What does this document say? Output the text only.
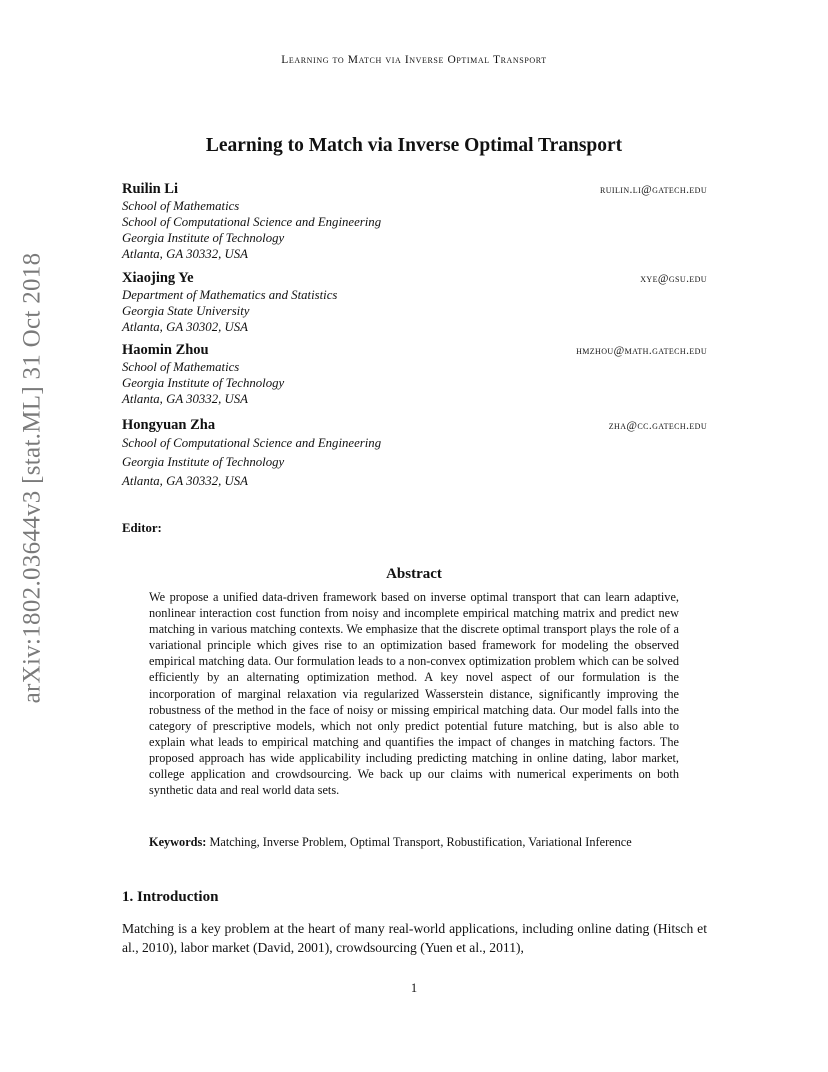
Learning to Match via Inverse Optimal Transport
arXiv:1802.03644v3 [stat.ML] 31 Oct 2018
Learning to Match via Inverse Optimal Transport
Ruilin Li	ruilin.li@gatech.edu
School of Mathematics
School of Computational Science and Engineering
Georgia Institute of Technology
Atlanta, GA 30332, USA
Xiaojing Ye	xye@gsu.edu
Department of Mathematics and Statistics
Georgia State University
Atlanta, GA 30302, USA
Haomin Zhou	hmzhou@math.gatech.edu
School of Mathematics
Georgia Institute of Technology
Atlanta, GA 30332, USA
Hongyuan Zha	zha@cc.gatech.edu
School of Computational Science and Engineering
Georgia Institute of Technology
Atlanta, GA 30332, USA
Editor:
Abstract
We propose a unified data-driven framework based on inverse optimal transport that can learn adaptive, nonlinear interaction cost function from noisy and incomplete empirical matching matrix and predict new matching in various matching contexts. We emphasize that the discrete optimal transport plays the role of a variational principle which gives rise to an optimization based framework for modeling the observed empirical matching data. Our formulation leads to a non-convex optimization problem which can be solved efficiently by an alternating optimization method. A key novel aspect of our formulation is the incorporation of marginal relaxation via regularized Wasserstein distance, significantly improving the robustness of the method in the face of noisy or missing empirical matching data. Our model falls into the category of prescriptive models, which not only predict potential future matching, but is also able to explain what leads to empirical matching and quantifies the impact of changes in matching factors. The proposed approach has wide applicability including predicting matching in online dating, labor market, college application and crowdsourcing. We back up our claims with numerical experiments on both synthetic data and real world data sets.
Keywords: Matching, Inverse Problem, Optimal Transport, Robustification, Variational Inference
1. Introduction
Matching is a key problem at the heart of many real-world applications, including online dating (Hitsch et al., 2010), labor market (David, 2001), crowdsourcing (Yuen et al., 2011),
1
